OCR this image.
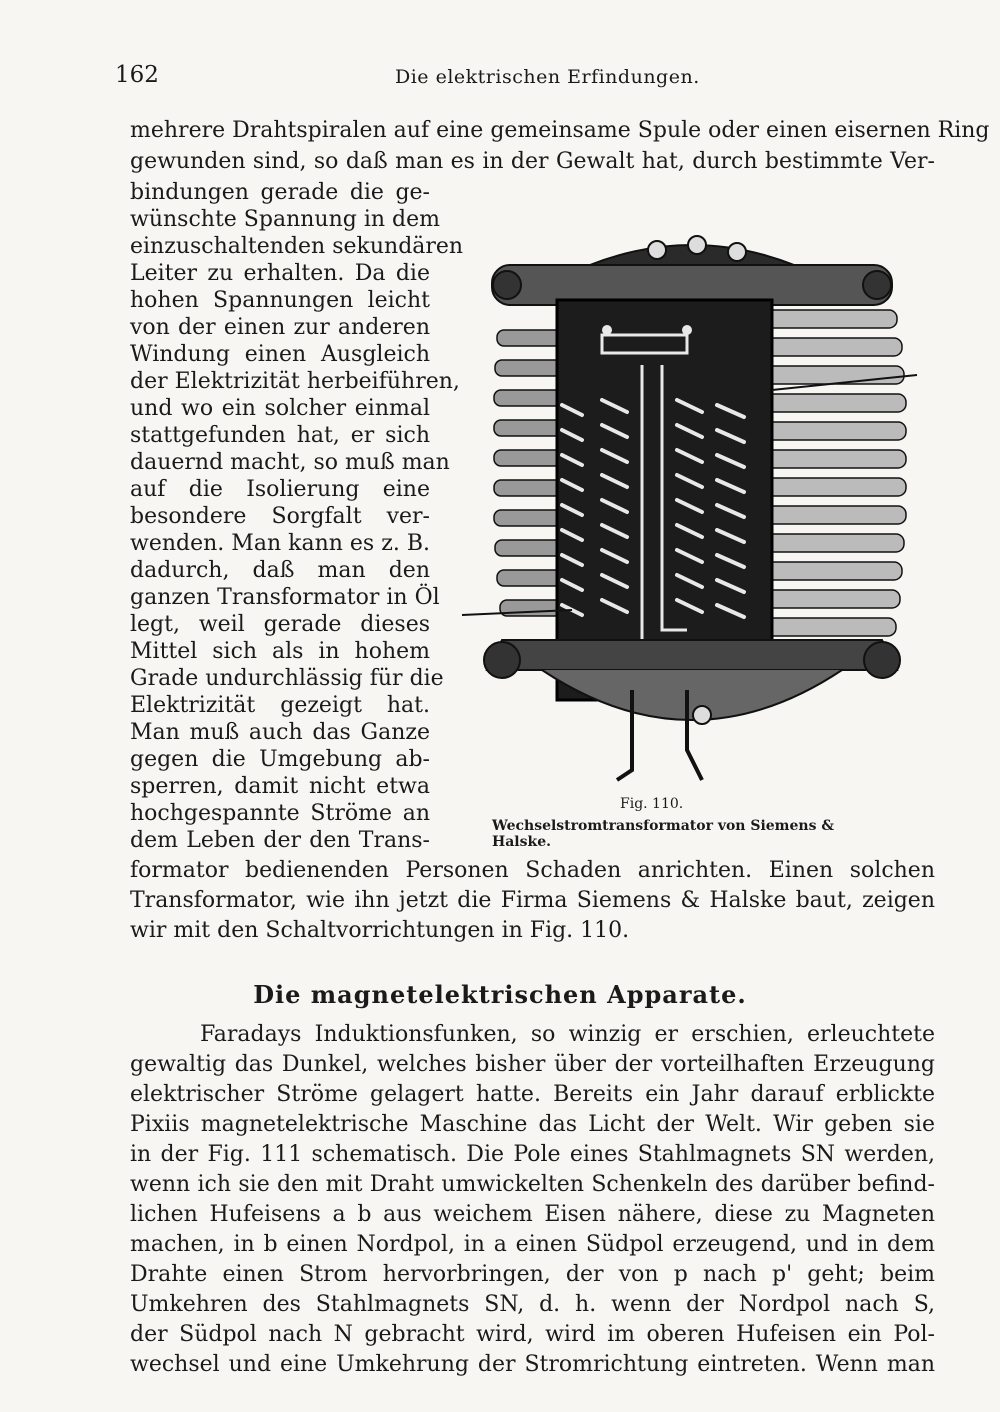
162	Die elektrischen Erfindungen.
mehrere Drahtspiralen auf eine gemeinsame Spule oder einen eisernen Ring
gewunden sind, so daß man es in der Gewalt hat, durch bestimmte Ver-
bindungen gerade die ge-
wünschte Spannung in dem
einzuschaltenden sekundären
Leiter zu erhalten. Da die
hohen Spannungen leicht
von der einen zur anderen
Windung einen Ausgleich
der Elektrizität herbeiführen,
und wo ein solcher einmal
stattgefunden hat, er sich
dauernd macht, so muß man
auf die Isolierung eine
besondere Sorgfalt ver-
wenden. Man kann es z. B.
dadurch, daß man den
ganzen Transformator in Öl
legt, weil gerade dieses
Mittel sich als in hohem
Grade undurchlässig für die
Elektrizität gezeigt hat.
Man muß auch das Ganze
gegen die Umgebung ab-
sperren, damit nicht etwa
hochgespannte Ströme an
dem Leben der den Trans-
Fig. 110.
Wechselstromtransformator von Siemens & Halske.
formator bedienenden Personen Schaden anrichten. Einen solchen
Transformator, wie ihn jetzt die Firma Siemens & Halske baut, zeigen
wir mit den Schaltvorrichtungen in Fig. 110.
Die magnetelektrischen Apparate.
Faradays Induktionsfunken, so winzig er erschien, erleuchtete
gewaltig das Dunkel, welches bisher über der vorteilhaften Erzeugung
elektrischer Ströme gelagert hatte. Bereits ein Jahr darauf erblickte
Pixiis magnetelektrische Maschine das Licht der Welt. Wir geben sie
in der Fig. 111 schematisch. Die Pole eines Stahlmagnets SN werden,
wenn ich sie den mit Draht umwickelten Schenkeln des darüber befind-
lichen Hufeisens a b aus weichem Eisen nähere, diese zu Magneten
machen, in b einen Nordpol, in a einen Südpol erzeugend, und in dem
Drahte einen Strom hervorbringen, der von p nach p' geht; beim
Umkehren des Stahlmagnets SN, d. h. wenn der Nordpol nach S,
der Südpol nach N gebracht wird, wird im oberen Hufeisen ein Pol-
wechsel und eine Umkehrung der Stromrichtung eintreten. Wenn man
